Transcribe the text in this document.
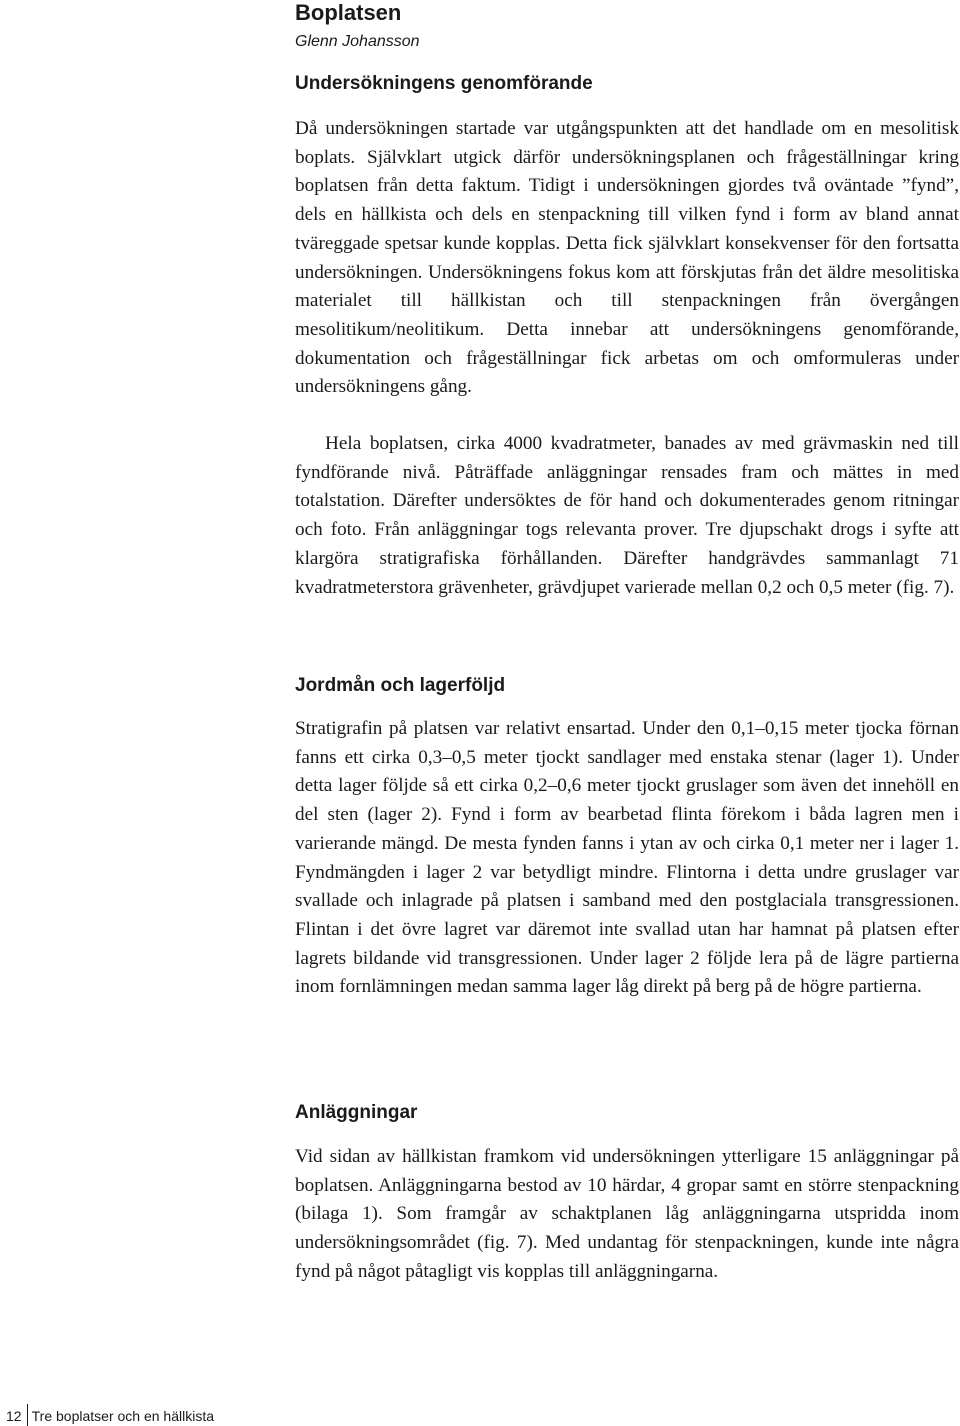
Boplatsen
Glenn Johansson
Undersökningens genomförande

Då undersökningen startade var utgångspunkten att det handlade om en mesolitisk boplats. Självklart utgick därför undersökningsplanen och frågeställningar kring boplatsen från detta faktum. Tidigt i undersökningen gjordes två oväntade ”fynd”, dels en hällkista och dels en stenpackning till vilken fynd i form av bland annat tväreggade spetsar kunde kopplas. Detta fick självklart konsekvenser för den fortsatta undersökningen. Undersökningens fokus kom att förskjutas från det äldre mesolitiska materialet till hällkistan och till stenpackningen från övergången mesolitikum/neolitikum. Detta innebar att undersökningens genomförande, dokumentation och frågeställningar fick arbetas om och omformuleras under undersökningens gång.

Hela boplatsen, cirka 4000 kvadratmeter, banades av med grävmaskin ned till fyndförande nivå. Påträffade anläggningar rensades fram och mättes in med totalstation. Därefter undersöktes de för hand och dokumenterades genom ritningar och foto. Från anläggningar togs relevanta prover. Tre djupschakt drogs i syfte att klargöra stratigrafiska förhållanden. Därefter handgrävdes sammanlagt 71 kvadratmeterstora grävenheter, grävdjupet varierade mellan 0,2 och 0,5 meter (fig. 7).

Jordmån och lagerföljd

Stratigrafin på platsen var relativt ensartad. Under den 0,1–0,15 meter tjocka förnan fanns ett cirka 0,3–0,5 meter tjockt sandlager med enstaka stenar (lager 1). Under detta lager följde så ett cirka 0,2–0,6 meter tjockt gruslager som även det innehöll en del sten (lager 2). Fynd i form av bearbetad flinta förekom i båda lagren men i varierande mängd. De mesta fynden fanns i ytan av och cirka 0,1 meter ner i lager 1. Fyndmängden i lager 2 var betydligt mindre. Flintorna i detta undre gruslager var svallade och inlagrade på platsen i samband med den postglaciala transgressionen. Flintan i det övre lagret var däremot inte svallad utan har hamnat på platsen efter lagrets bildande vid transgressionen. Under lager 2 följde lera på de lägre partierna inom fornlämningen medan samma lager låg direkt på berg på de högre partierna.

Anläggningar

Vid sidan av hällkistan framkom vid undersökningen ytterligare 15 anläggningar på boplatsen. Anläggningarna bestod av 10 härdar, 4 gropar samt en större stenpackning (bilaga 1). Som framgår av schaktplanen låg anläggningarna utspridda inom undersökningsområdet (fig. 7). Med undantag för stenpackningen, kunde inte några fynd på något påtagligt vis kopplas till anläggningarna.

12 Tre boplatser och en hällkista
